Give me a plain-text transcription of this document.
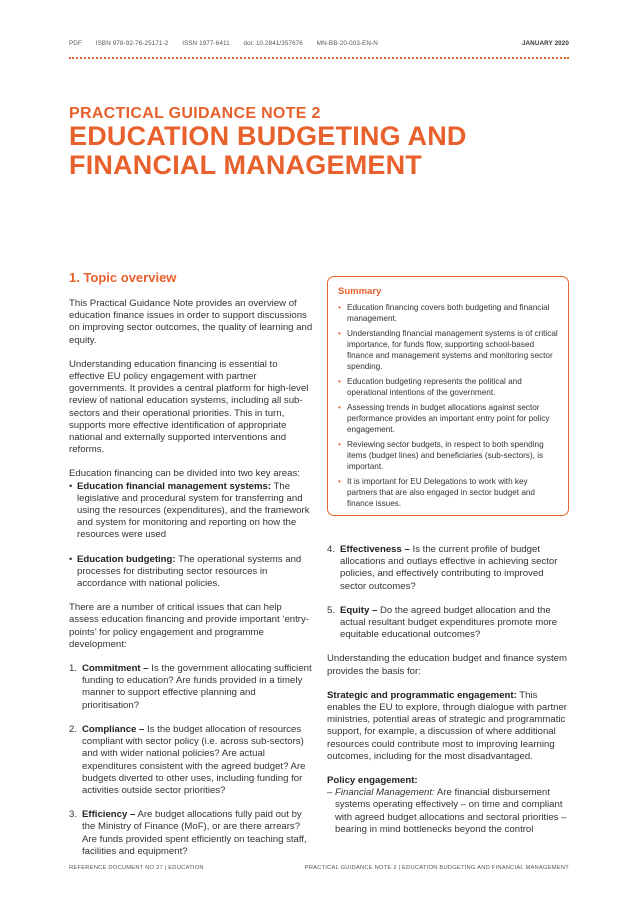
PDF ISBN 978-92-76-25171-2 ISSN 1977-6411 doi: 10.2841/357676 MN-BB-20-003-EN-N	JANUARY 2020
PRACTICAL GUIDANCE NOTE 2
EDUCATION BUDGETING AND FINANCIAL MANAGEMENT
1. Topic overview

This Practical Guidance Note provides an overview of education finance issues in order to support discussions on improving sector outcomes, the quality of learning and equity.

Understanding education financing is essential to effective EU policy engagement with partner governments. It provides a central platform for high-level review of national education systems, including all sub-sectors and their operational priorities. This in turn, supports more effective identification of appropriate national and externally supported interventions and reforms.

Education financing can be divided into two key areas:

• Education financial management systems: The legislative and procedural system for transferring and using the resources (expenditures), and the framework and system for monitoring and reporting on how the resources were used

• Education budgeting: The operational systems and processes for distributing sector resources in accordance with national policies.

There are a number of critical issues that can help assess education financing and provide important ‘entry-points’ for policy engagement and programme development:

1. Commitment – Is the government allocating sufficient funding to education? Are funds provided in a timely manner to support effective planning and prioritisation?

2. Compliance – Is the budget allocation of resources compliant with sector policy (i.e. across sub-sectors) and with wider national policies? Are actual expenditures consistent with the agreed budget? Are budgets diverted to other uses, including funding for activities outside sector priorities?

3. Efficiency – Are budget allocations fully paid out by the Ministry of Finance (MoF), or are there arrears? Are funds provided spent efficiently on teaching staff, facilities and equipment?

Summary
• Education financing covers both budgeting and financial management.
• Understanding financial management systems is of critical importance, for funds flow, supporting school-based finance and management systems and monitoring sector spending.
• Education budgeting represents the political and operational intentions of the government.
• Assessing trends in budget allocations against sector performance provides an important entry point for policy engagement.
• Reviewing sector budgets, in respect to both spending items (budget lines) and beneficiaries (sub-sectors), is important.
• It is important for EU Delegations to work with key partners that are also engaged in sector budget and finance issues.

4. Effectiveness – Is the current profile of budget allocations and outlays effective in achieving sector policies, and effectively contributing to improved sector outcomes?

5. Equity – Do the agreed budget allocation and the actual resultant budget expenditures promote more equitable educational outcomes?

Understanding the education budget and finance system provides the basis for:

Strategic and programmatic engagement: This enables the EU to explore, through dialogue with partner ministries, potential areas of strategic and programmatic support, for example, a discussion of where additional resources could contribute most to improving learning outcomes, including for the most disadvantaged.

Policy engagement:

– Financial Management: Are financial disbursement systems operating effectively – on time and compliant with agreed budget allocations and sectoral priorities – bearing in mind bottlenecks beyond the control

REFERENCE DOCUMENT NO 27 | EDUCATION	PRACTICAL GUIDANCE NOTE 2 | EDUCATION BUDGETING AND FINANCIAL MANAGEMENT
